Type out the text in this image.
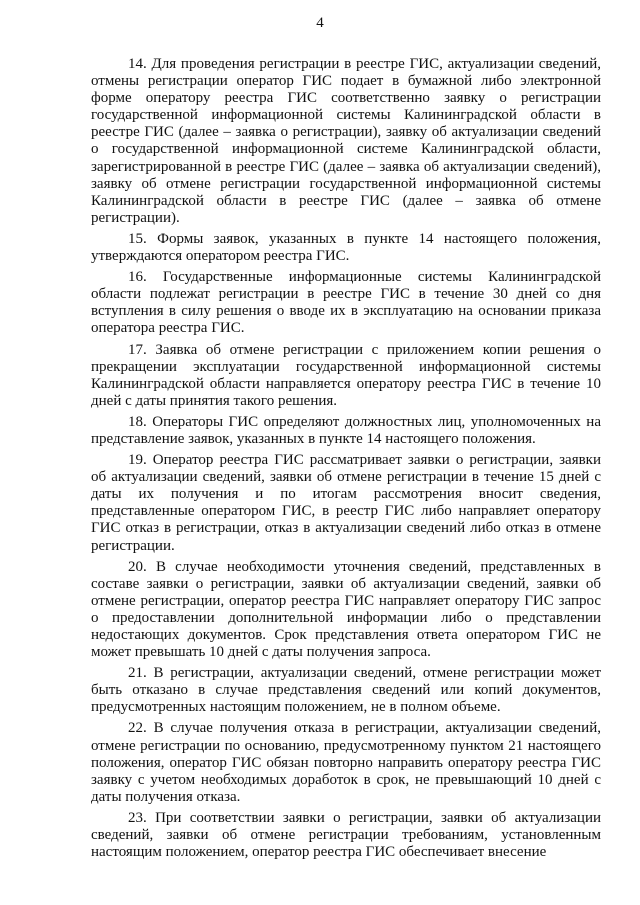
4

14. Для проведения регистрации в реестре ГИС, актуализации сведений, отмены регистрации оператор ГИС подает в бумажной либо электронной форме оператору реестра ГИС соответственно заявку о регистрации государственной информационной системы Калининградской области в реестре ГИС (далее – заявка о регистрации), заявку об актуализации сведений о государственной информационной системе Калининградской области, зарегистрированной в реестре ГИС (далее – заявка об актуализации сведений), заявку об отмене регистрации государственной информационной системы Калининградской области в реестре ГИС (далее – заявка об отмене регистрации).

15. Формы заявок, указанных в пункте 14 настоящего положения, утверждаются оператором реестра ГИС.

16. Государственные информационные системы Калининградской области подлежат регистрации в реестре ГИС в течение 30 дней со дня вступления в силу решения о вводе их в эксплуатацию на основании приказа оператора реестра ГИС.

17. Заявка об отмене регистрации с приложением копии решения о прекращении эксплуатации государственной информационной системы Калининградской области направляется оператору реестра ГИС в течение 10 дней с даты принятия такого решения.

18. Операторы ГИС определяют должностных лиц, уполномоченных на представление заявок, указанных в пункте 14 настоящего положения.

19. Оператор реестра ГИС рассматривает заявки о регистрации, заявки об актуализации сведений, заявки об отмене регистрации в течение 15 дней с даты их получения и по итогам рассмотрения вносит сведения, представленные оператором ГИС, в реестр ГИС либо направляет оператору ГИС отказ в регистрации, отказ в актуализации сведений либо отказ в отмене регистрации.

20. В случае необходимости уточнения сведений, представленных в составе заявки о регистрации, заявки об актуализации сведений, заявки об отмене регистрации, оператор реестра ГИС направляет оператору ГИС запрос о предоставлении дополнительной информации либо о представлении недостающих документов. Срок представления ответа оператором ГИС не может превышать 10 дней с даты получения запроса.

21. В регистрации, актуализации сведений, отмене регистрации может быть отказано в случае представления сведений или копий документов, предусмотренных настоящим положением, не в полном объеме.

22. В случае получения отказа в регистрации, актуализации сведений, отмене регистрации по основанию, предусмотренному пунктом 21 настоящего положения, оператор ГИС обязан повторно направить оператору реестра ГИС заявку с учетом необходимых доработок в срок, не превышающий 10 дней с даты получения отказа.

23. При соответствии заявки о регистрации, заявки об актуализации сведений, заявки об отмене регистрации требованиям, установленным настоящим положением, оператор реестра ГИС обеспечивает внесение
